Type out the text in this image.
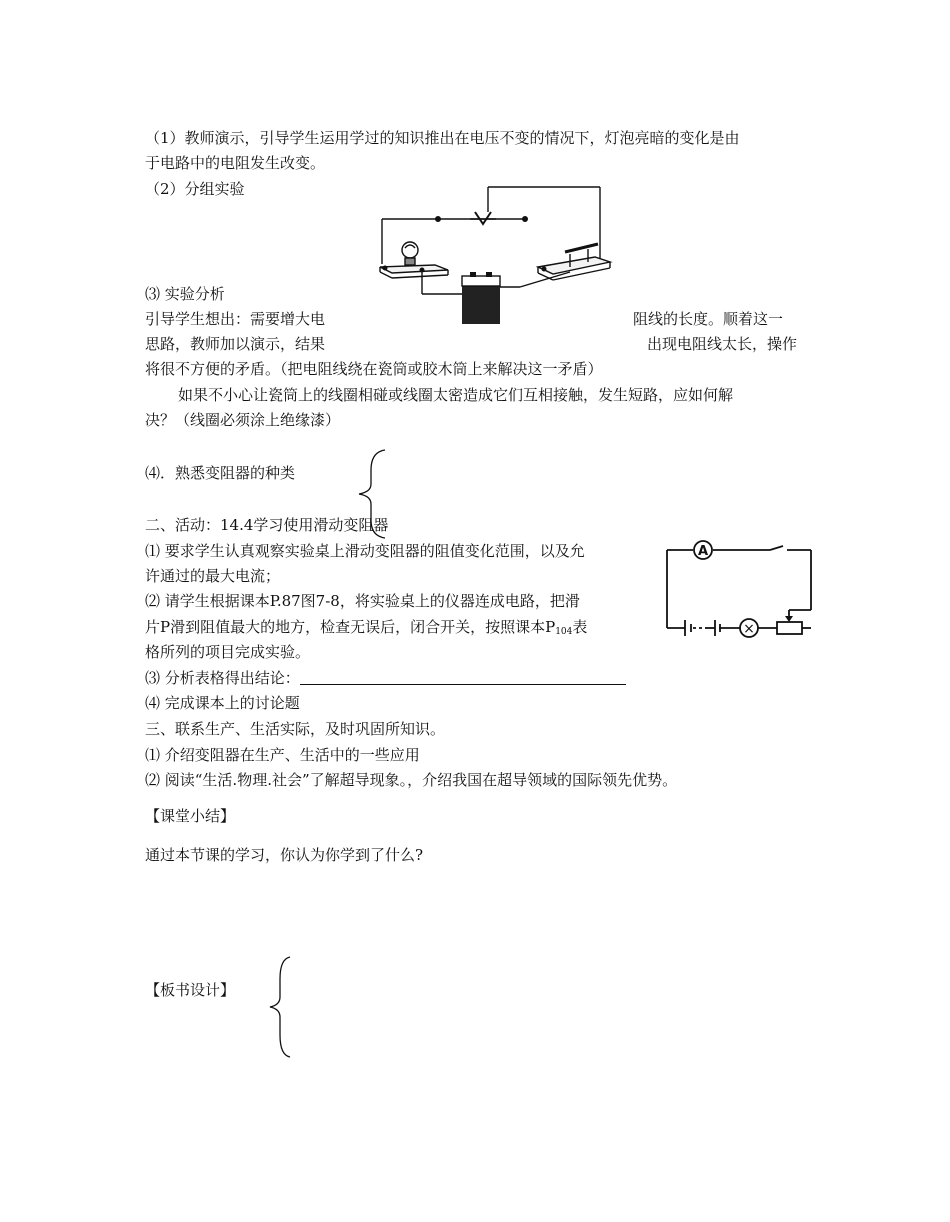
（1）教师演示，引导学生运用学过的知识推出在电压不变的情况下，灯泡亮暗的变化是由
于电路中的电阻发生改变。
（2）分组实验
⑶ 实验分析
引导学生想出：需要增大电	阻线的长度。顺着这一
思路，教师加以演示，结果	出现电阻线太长，操作
将很不方便的矛盾。（把电阻线绕在瓷筒或胶木筒上来解决这一矛盾）
如果不小心让瓷筒上的线圈相碰或线圈太密造成它们互相接触，发生短路，应如何解
决？（线圈必须涂上绝缘漆）
⑷．熟悉变阻器的种类
二、活动：14.4学习使用滑动变阻器
⑴ 要求学生认真观察实验桌上滑动变阻器的阻值变化范围，以及允
许通过的最大电流；
⑵ 请学生根据课本P.87图7-8，将实验桌上的仪器连成电路，把滑
片P滑到阻值最大的地方，检查无误后，闭合开关，按照课本$P_{104}$表
格所列的项目完成实验。
⑶ 分析表格得出结论：
⑷ 完成课本上的讨论题
A
×
三、联系生产、生活实际，及时巩固所知识。
⑴ 介绍变阻器在生产、生活中的一些应用
⑵ 阅读“生活.物理.社会”了解超导现象。，介绍我国在超导领域的国际领先优势。
【课堂小结】
通过本节课的学习，你认为你学到了什么?
【板书设计】
